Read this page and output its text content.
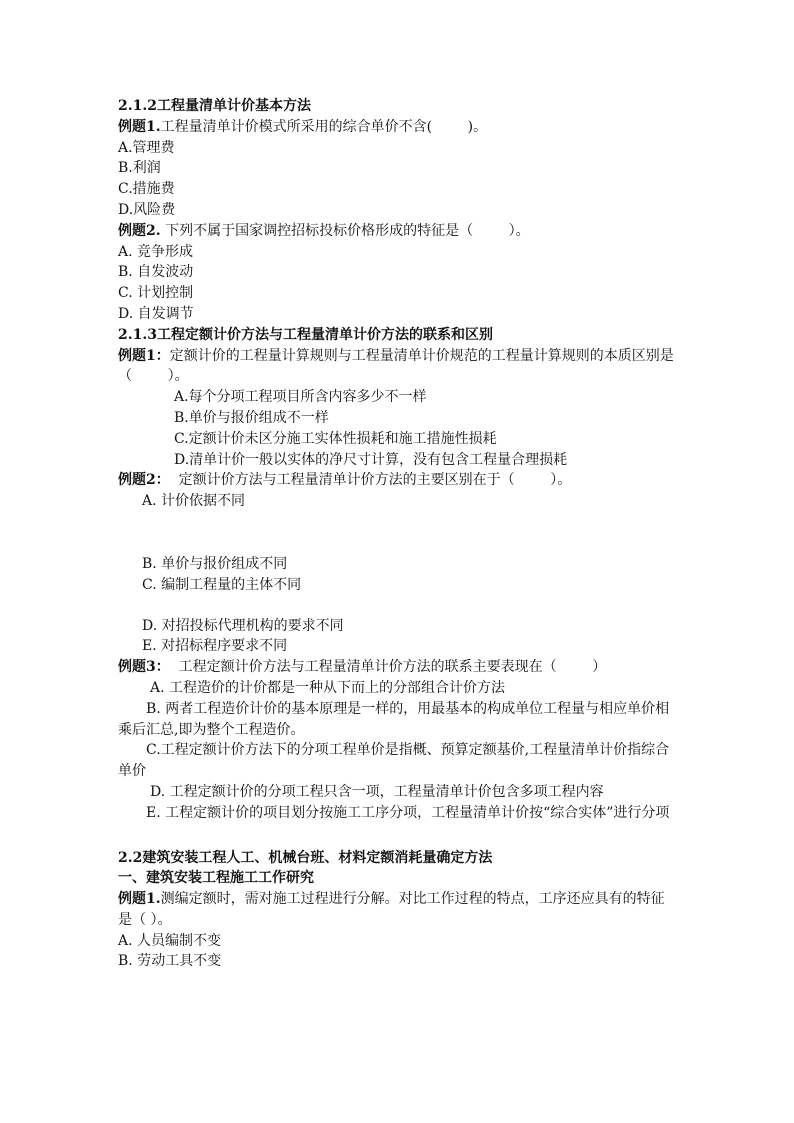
2.1.2工程量清单计价基本方法
例题1.工程量清单计价模式所采用的综合单价不含(        )。
A.管理费
B.利润
C.措施费
D.风险费
例题2. 下列不属于国家调控招标投标价格形成的特征是（        ）。
A. 竞争形成
B. 自发波动
C. 计划控制
D. 自发调节
2.1.3工程定额计价方法与工程量清单计价方法的联系和区别
例题1：定额计价的工程量计算规则与工程量清单计价规范的工程量计算规则的本质区别是（        ）。
A.每个分项工程项目所含内容多少不一样
B.单价与报价组成不一样
C.定额计价未区分施工实体性损耗和施工措施性损耗
D.清单计价一般以实体的净尺寸计算，没有包含工程量合理损耗
例题2：  定额计价方法与工程量清单计价方法的主要区别在于（        ）。
A. 计价依据不同
B. 单价与报价组成不同
C. 编制工程量的主体不同
D. 对招投标代理机构的要求不同
E. 对招标程序要求不同
例题3：  工程定额计价方法与工程量清单计价方法的联系主要表现在（        ）
A. 工程造价的计价都是一种从下而上的分部组合计价方法
B. 两者工程造价计价的基本原理是一样的，用最基本的构成单位工程量与相应单价相乘后汇总,即为整个工程造价。
C.工程定额计价方法下的分项工程单价是指概、预算定额基价,工程量清单计价指综合单价
D. 工程定额计价的分项工程只含一项，工程量清单计价包含多项工程内容
E. 工程定额计价的项目划分按施工工序分项，工程量清单计价按“综合实体”进行分项
2.2建筑安装工程人工、机械台班、材料定额消耗量确定方法
一、建筑安装工程施工工作研究
例题1.测编定额时，需对施工过程进行分解。对比工作过程的特点，工序还应具有的特征是（ ）。
A. 人员编制不变
B. 劳动工具不变
